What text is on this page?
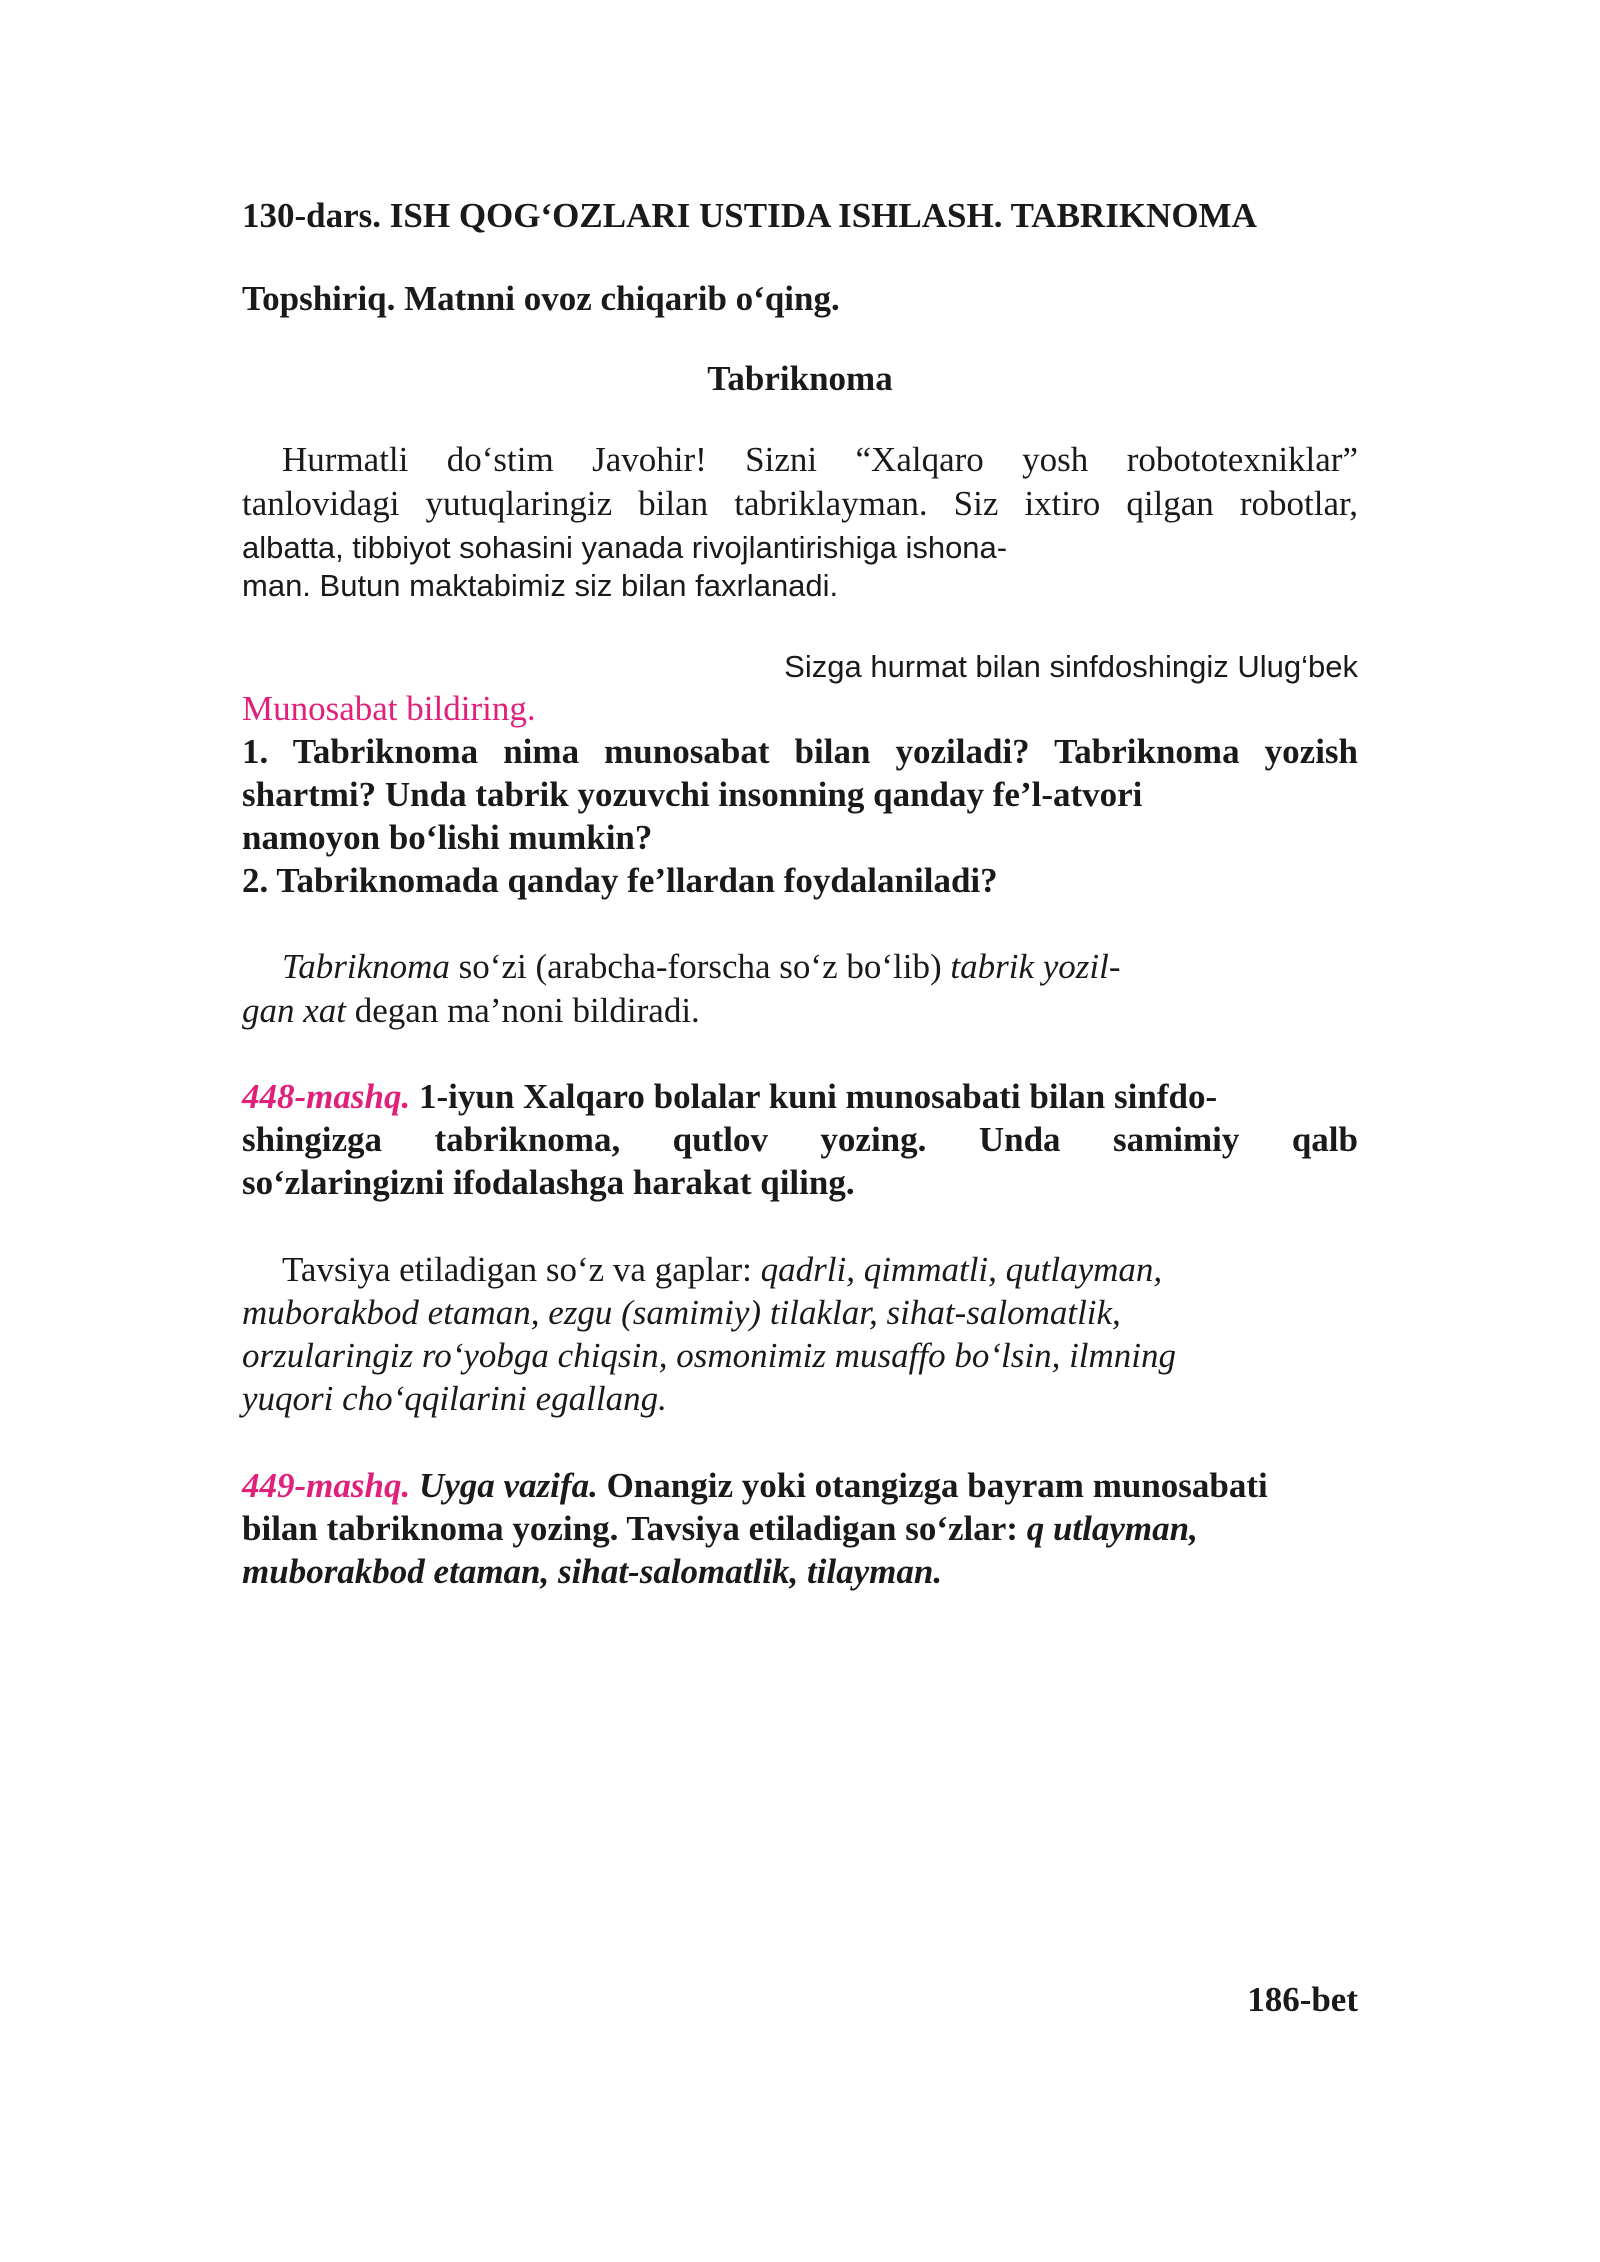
130-dars. ISH QOG‘OZLARI USTIDA ISHLASH. TABRIKNOMA
Topshiriq. Matnni ovoz chiqarib o‘qing.
Tabriknoma
Hurmatli do‘stim Javohir! Sizni “Xalqaro yosh robototexniklar”
tanlovidagi yutuqlaringiz bilan tabriklayman. Siz ixtiro qilgan robotlar,
albatta, tibbiyot sohasini yanada rivojlantirishiga ishona-
man. Butun maktabimiz siz bilan faxrlanadi.
Sizga hurmat bilan sinfdoshingiz Ulug‘bek
Munosabat bildiring.
1. Tabriknoma nima munosabat bilan yoziladi? Tabriknoma yozish
shartmi? Unda tabrik yozuvchi insonning qanday fe’l-atvori
namoyon bo‘lishi mumkin?
2. Tabriknomada qanday fe’llardan foydalaniladi?
Tabriknoma so‘zi (arabcha-forscha so‘z bo‘lib) tabrik yozil-
gan xat degan ma’noni bildiradi.
448-mashq. 1-iyun Xalqaro bolalar kuni munosabati bilan sinfdo-
shingizga tabriknoma, qutlov yozing. Unda samimiy qalb
so‘zlaringizni ifodalashga harakat qiling.
Tavsiya etiladigan so‘z va gaplar: qadrli, qimmatli, qutlayman,
muborakbod etaman, ezgu (samimiy) tilaklar, sihat-salomatlik,
orzularingiz ro‘yobga chiqsin, osmonimiz musaffo bo‘lsin, ilmning
yuqori cho‘qqilarini egallang.
449-mashq. Uyga vazifa. Onangiz yoki otangizga bayram munosabati
bilan tabriknoma yozing. Tavsiya etiladigan so‘zlar: q utlayman,
muborakbod etaman, sihat-salomatlik, tilayman.
186-bet
